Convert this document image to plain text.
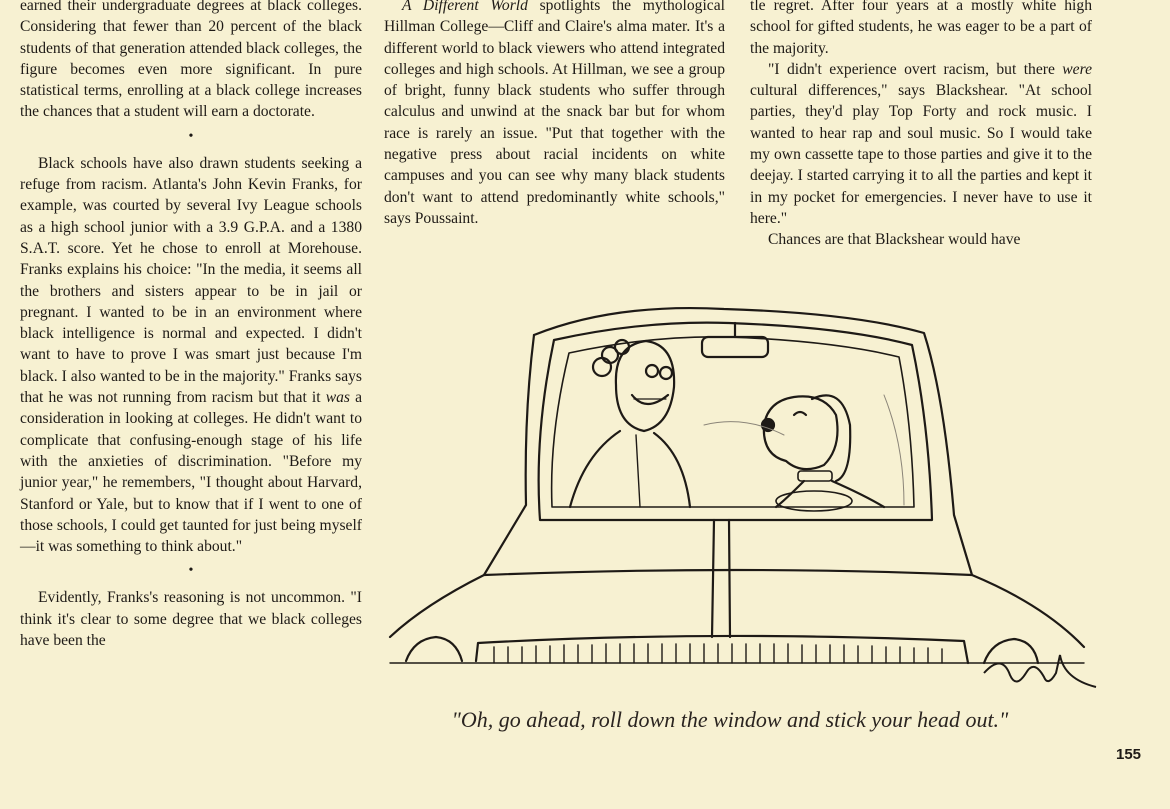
earned their undergraduate degrees at black colleges. Considering that fewer than 20 percent of the black students of that generation attended black colleges, the figure becomes even more significant. In pure statistical terms, enrolling at a black college increases the chances that a student will earn a doctorate.

•

Black schools have also drawn students seeking a refuge from racism. Atlanta's John Kevin Franks, for example, was courted by several Ivy League schools as a high school junior with a 3.9 G.P.A. and a 1380 S.A.T. score. Yet he chose to enroll at Morehouse. Franks explains his choice: "In the media, it seems all the brothers and sisters appear to be in jail or pregnant. I wanted to be in an environment where black intelligence is normal and expected. I didn't want to have to prove I was smart just because I'm black. I also wanted to be in the majority." Franks says that he was not running from racism but that it was a consideration in looking at colleges. He didn't want to complicate that confusing-enough stage of his life with the anxieties of discrimination. "Before my junior year," he remembers, "I thought about Harvard, Stanford or Yale, but to know that if I went to one of those schools, I could get taunted for just being myself—it was something to think about."

•

Evidently, Franks's reasoning is not uncommon. "I think it's clear to some degree that we black colleges have been the

A Different World spotlights the mythological Hillman College—Cliff and Claire's alma mater. It's a different world to black viewers who attend integrated colleges and high schools. At Hillman, we see a group of bright, funny black students who suffer through calculus and unwind at the snack bar but for whom race is rarely an issue. "Put that together with the negative press about racial incidents on white campuses and you can see why many black students don't want to attend predominantly white schools," says Poussaint.

tle regret. After four years at a mostly white high school for gifted students, he was eager to be a part of the majority.

"I didn't experience overt racism, but there were cultural differences," says Blackshear. "At school parties, they'd play Top Forty and rock music. I wanted to hear rap and soul music. So I would take my own cassette tape to those parties and give it to the deejay. I started carrying it to all the parties and kept it in my pocket for emergencies. I never have to use it here."

Chances are that Blackshear would have

"Oh, go ahead, roll down the window and stick your head out."
155
